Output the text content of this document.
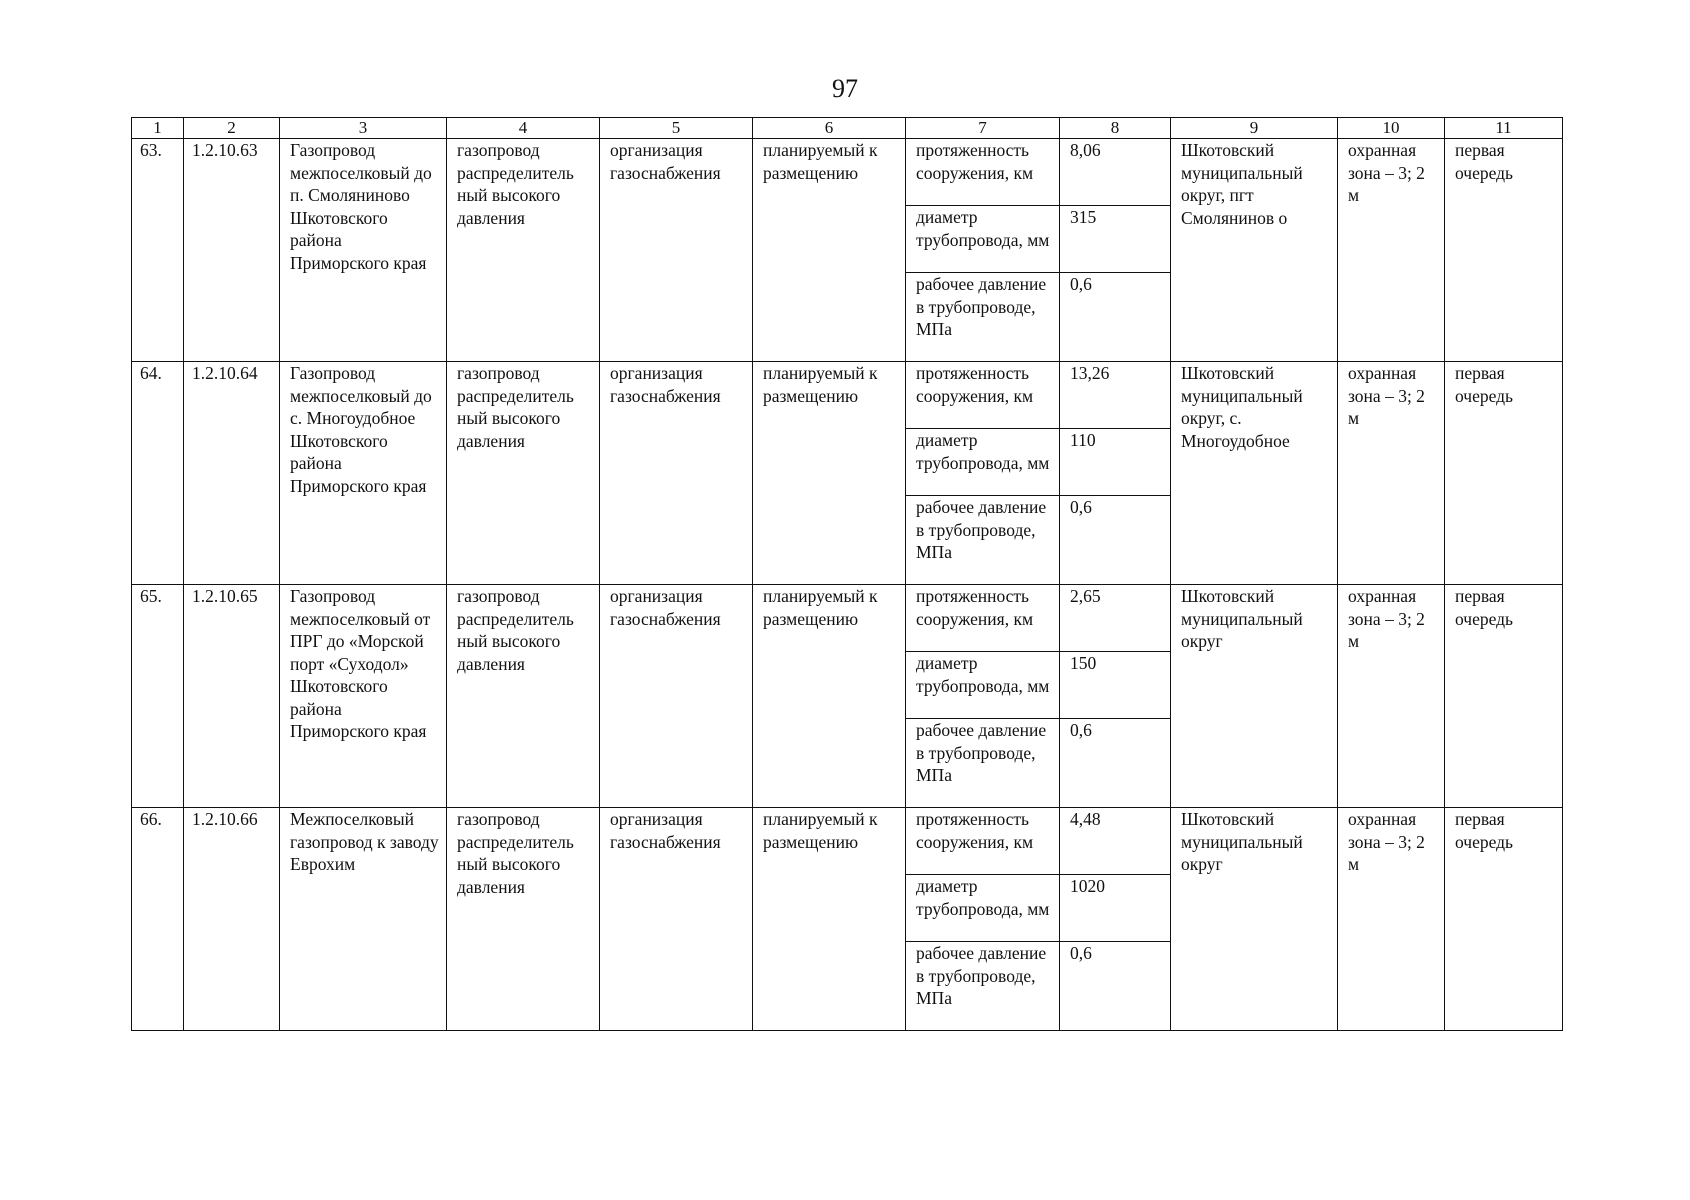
97
1	2	3	4	5	6	7	8	9	10	11
63.	1.2.10.63	Газопровод межпоселковый до п. Смоляниново Шкотовского района Приморского края	газопровод распределитель ный высокого давления	организация газоснабжения	планируемый к размещению	протяженность сооружения, км	8,06	Шкотовский муниципальный округ, пгт Смолянинов о	охранная зона – 3; 2 м	первая очередь
						диаметр трубопровода, мм	315			
						рабочее давление в трубопроводе, МПа	0,6			
64.	1.2.10.64	Газопровод межпоселковый до с. Многоудобное Шкотовского района Приморского края	газопровод распределитель ный высокого давления	организация газоснабжения	планируемый к размещению	протяженность сооружения, км	13,26	Шкотовский муниципальный округ, с. Многоудобное	охранная зона – 3; 2 м	первая очередь
						диаметр трубопровода, мм	110			
						рабочее давление в трубопроводе, МПа	0,6			
65.	1.2.10.65	Газопровод межпоселковый от ПРГ до «Морской порт «Суходол» Шкотовского района Приморского края	газопровод распределитель ный высокого давления	организация газоснабжения	планируемый к размещению	протяженность сооружения, км	2,65	Шкотовский муниципальный округ	охранная зона – 3; 2 м	первая очередь
						диаметр трубопровода, мм	150			
						рабочее давление в трубопроводе, МПа	0,6			
66.	1.2.10.66	Межпоселковый газопровод к заводу Еврохим	газопровод распределитель ный высокого давления	организация газоснабжения	планируемый к размещению	протяженность сооружения, км	4,48	Шкотовский муниципальный округ	охранная зона – 3; 2 м	первая очередь
						диаметр трубопровода, мм	1020			
						рабочее давление в трубопроводе, МПа	0,6			
